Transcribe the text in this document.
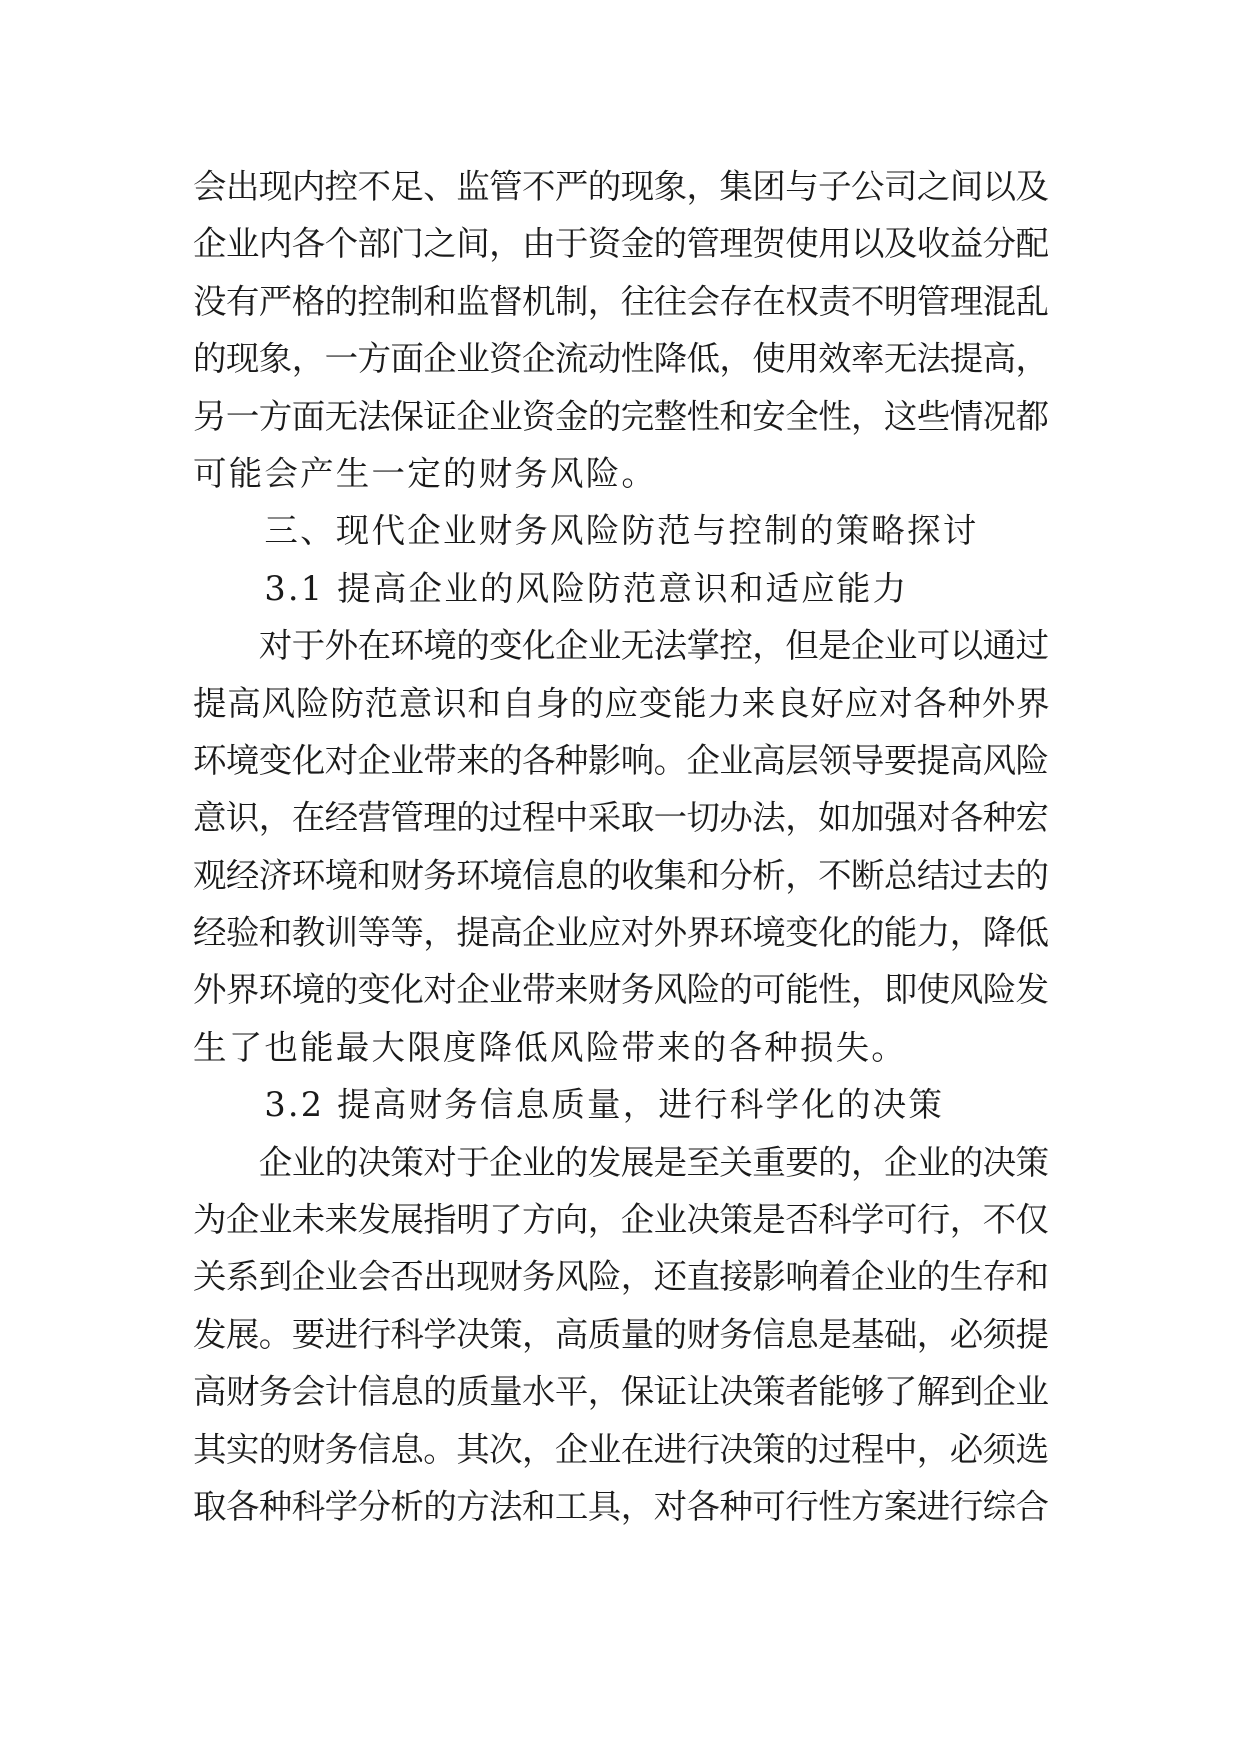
会出现内控不足、监管不严的现象，集团与子公司之间以及
企业内各个部门之间，由于资金的管理贺使用以及收益分配
没有严格的控制和监督机制，往往会存在权责不明管理混乱
的现象，一方面企业资企流动性降低，使用效率无法提高，
另一方面无法保证企业资金的完整性和安全性，这些情况都
可能会产生一定的财务风险。
　　三、现代企业财务风险防范与控制的策略探讨
　　3.1 提高企业的风险防范意识和适应能力
　　对于外在环境的变化企业无法掌控，但是企业可以通过
提高风险防范意识和自身的应变能力来良好应对各种外界
环境变化对企业带来的各种影响。企业高层领导要提高风险
意识，在经营管理的过程中采取一切办法，如加强对各种宏
观经济环境和财务环境信息的收集和分析，不断总结过去的
经验和教训等等，提高企业应对外界环境变化的能力，降低
外界环境的变化对企业带来财务风险的可能性，即使风险发
生了也能最大限度降低风险带来的各种损失。
　　3.2 提高财务信息质量，进行科学化的决策
　　企业的决策对于企业的发展是至关重要的，企业的决策
为企业未来发展指明了方向，企业决策是否科学可行，不仅
关系到企业会否出现财务风险，还直接影响着企业的生存和
发展。要进行科学决策，高质量的财务信息是基础，必须提
高财务会计信息的质量水平，保证让决策者能够了解到企业
其实的财务信息。其次，企业在进行决策的过程中，必须选
取各种科学分析的方法和工具，对各种可行性方案进行综合
